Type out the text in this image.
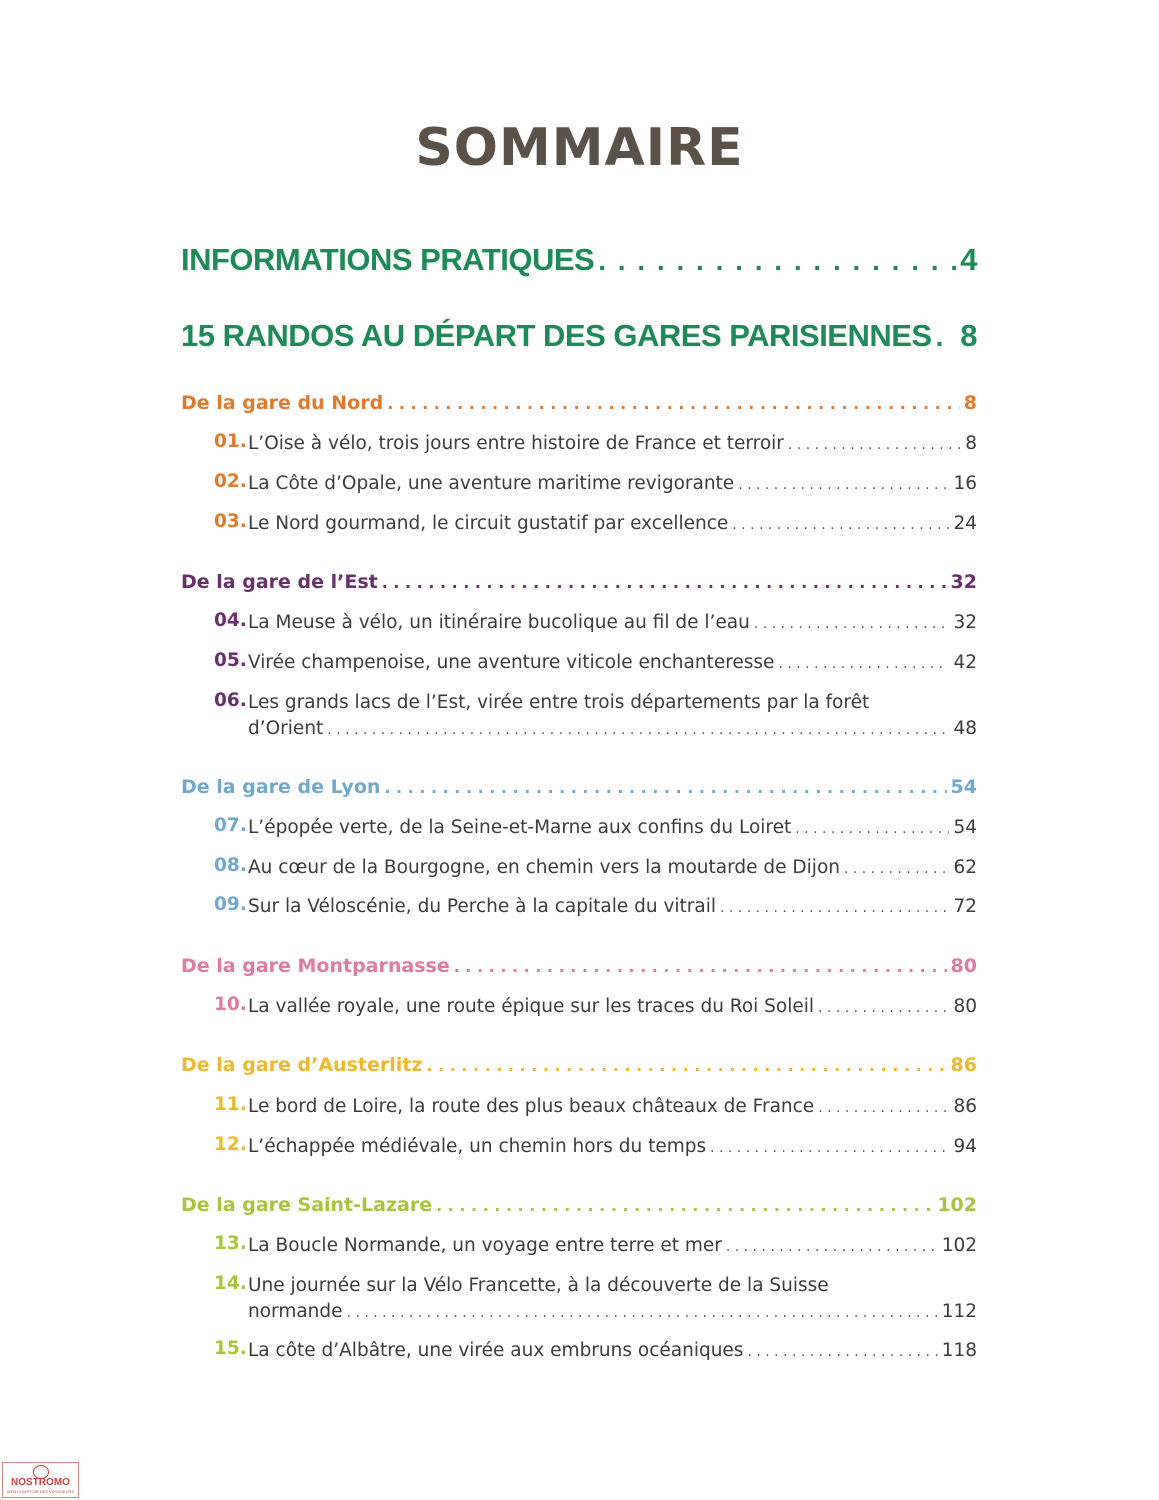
SOMMAIRE
INFORMATIONS PRATIQUES . . .	4
15 RANDOS AU DÉPART DES GARES PARISIENNES . . . 8
De la gare du Nord . . .	8
01. L’Oise à vélo, trois jours entre histoire de France et terroir . . .	8
02. La Côte d’Opale, une aventure maritime revigorante . . .	16
03. Le Nord gourmand, le circuit gustatif par excellence . . .	24
De la gare de l’Est . . .	32
04. La Meuse à vélo, un itinéraire bucolique au fil de l’eau . . .	32
05. Virée champenoise, une aventure viticole enchanteresse . . .	42
06. Les grands lacs de l’Est, virée entre trois départements par la forêt
d’Orient . . .	48
De la gare de Lyon . . .	54
07. L’épopée verte, de la Seine-et-Marne aux confins du Loiret . . .	54
08. Au cœur de la Bourgogne, en chemin vers la moutarde de Dijon . . .	62
09. Sur la Véloscénie, du Perche à la capitale du vitrail . . .	72
De la gare Montparnasse . . .	80
10. La vallée royale, une route épique sur les traces du Roi Soleil . . .	80
De la gare d’Austerlitz . . .	86
11. Le bord de Loire, la route des plus beaux châteaux de France . . .	86
12. L’échappée médiévale, un chemin hors du temps . . .	94
De la gare Saint-Lazare . . .	102
13. La Boucle Normande, un voyage entre terre et mer . . .	102
14. Une journée sur la Vélo Francette, à la découverte de la Suisse
normande . . .	112
15. La côte d’Albâtre, une virée aux embruns océaniques . . .	118
NOSTROMO
WEB COMPTOIR DES VOYAGEURS
